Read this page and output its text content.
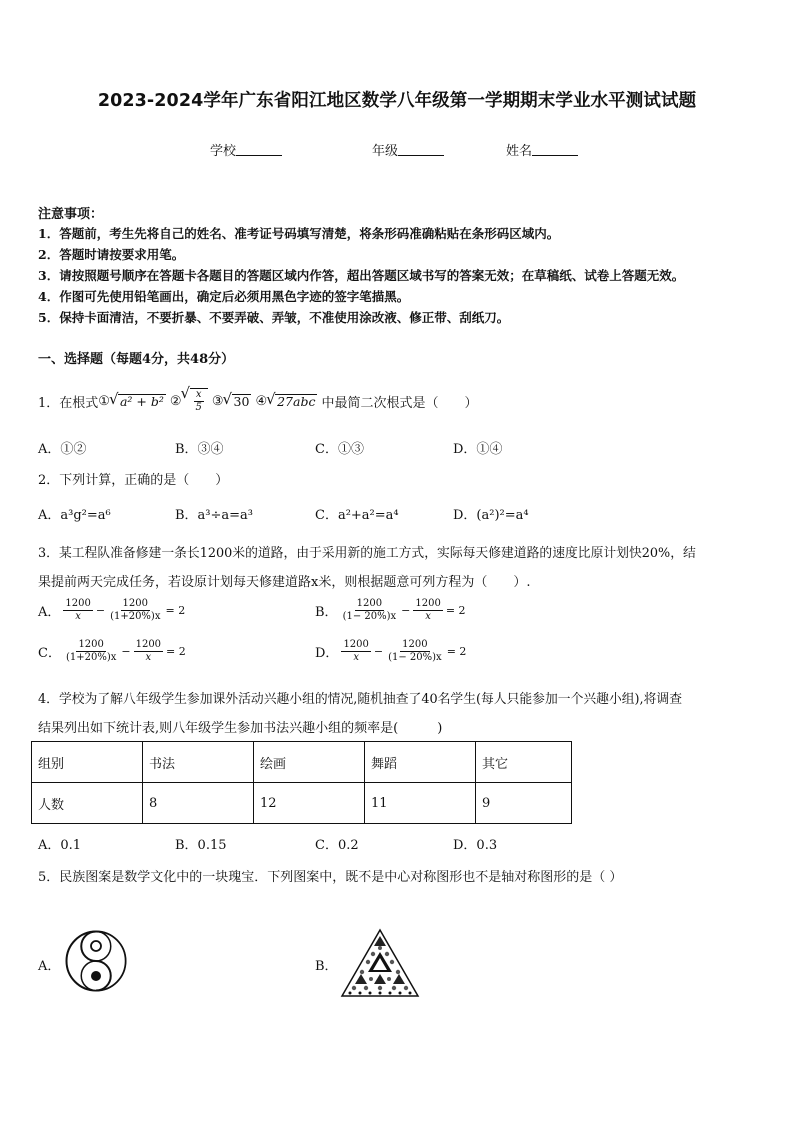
2023-2024学年广东省阳江地区数学八年级第一学期期末学业水平测试试题
学校	年级	姓名
注意事项：
1．答题前，考生先将自己的姓名、准考证号码填写清楚，将条形码准确粘贴在条形码区域内。
2．答题时请按要求用笔。
3．请按照题号顺序在答题卡各题目的答题区域内作答，超出答题区域书写的答案无效；在草稿纸、试卷上答题无效。
4．作图可先使用铅笔画出，确定后必须用黑色字迹的签字笔描黑。
5．保持卡面清洁，不要折暴、不要弄破、弄皱，不准使用涂改液、修正带、刮纸刀。
一、选择题（每题4分，共48分）
1．在根式 ① √ a² + b² ② √ $\frac{x}{5}$ ③ √ 30 ④ √ 27abc 中最简二次根式是（　　）
A．①②	B．③④	C．①③	D．①④
2．下列计算，正确的是（　　）
A．a³g²=a⁶	B．a³÷a=a³	C．a²+a²=a⁴	D．(a²)²=a⁴
3．某工程队准备修建一条长1200米的道路，由于采用新的施工方式，实际每天修建道路的速度比原计划快20%，结
果提前两天完成任务，若设原计划每天修建道路x米，则根据题意可列方程为（　　）.
A． $\frac{1200}{x} - \frac{1200}{(1+20\%)x} = 2$	B． $\frac{1200}{(1- 20\%)x} - \frac{1200}{x} = 2$
C． $\frac{1200}{(1+20\%)x} - \frac{1200}{x} = 2$	D． $\frac{1200}{x} - \frac{1200}{(1- 20\%)x} = 2$
4．学校为了解八年级学生参加课外活动兴趣小组的情况,随机抽查了40名学生(每人只能参加一个兴趣小组),将调查
结果列出如下统计表,则八年级学生参加书法兴趣小组的频率是(　　　)
组别	书法	绘画	舞蹈	其它
人数	8	12	11	9
A．0.1	B．0.15	C．0.2	D．0.3
5．民族图案是数学文化中的一块瑰宝．下列图案中，既不是中心对称图形也不是轴对称图形的是（ ）
A．	B．
